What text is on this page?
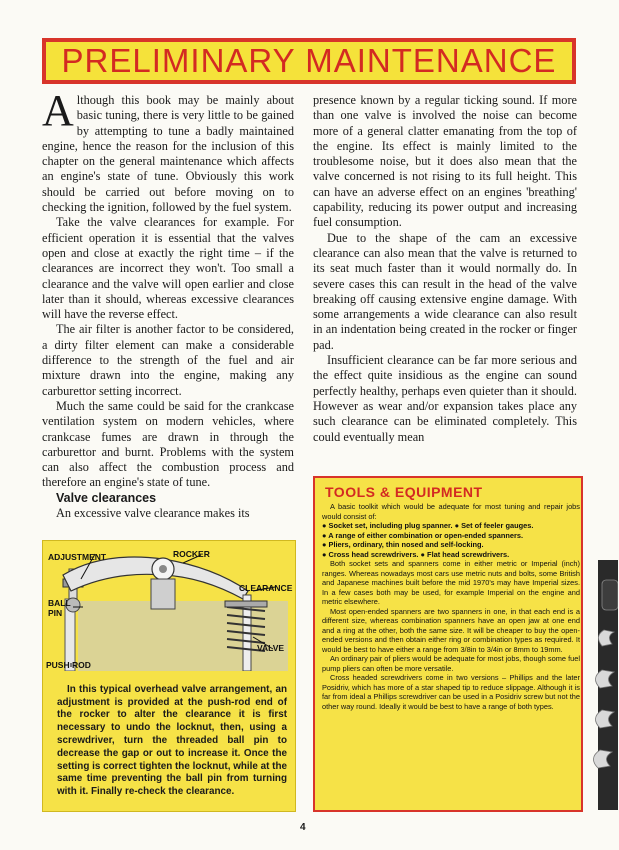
PRELIMINARY MAINTENANCE

Although this book may be mainly about basic tuning, there is very little to be gained by attempting to tune a badly maintained engine, hence the reason for the inclusion of this chapter on the general maintenance which affects an engine's state of tune. Obviously this work should be carried out before moving on to checking the ignition, followed by the fuel system.

Take the valve clearances for example. For efficient operation it is essential that the valves open and close at exactly the right time – if the clearances are incorrect they won't. Too small a clearance and the valve will open earlier and close later than it should, whereas excessive clearances will have the reverse effect.

The air filter is another factor to be considered, a dirty filter element can make a considerable difference to the strength of the fuel and air mixture drawn into the engine, making any carburettor setting incorrect.

Much the same could be said for the crankcase ventilation system on modern vehicles, where crankcase fumes are drawn in through the carburettor and burnt. Problems with the system can also affect the combustion process and therefore an engine's state of tune.

Valve clearances

An excessive valve clearance makes its

presence known by a regular ticking sound. If more than one valve is involved the noise can become more of a general clatter emanating from the top of the engine. Its effect is mainly limited to the troublesome noise, but it does also mean that the valve concerned is not rising to its full height. This can have an adverse effect on an engines 'breathing' capability, reducing its power output and increasing fuel consumption.

Due to the shape of the cam an excessive clearance can also mean that the valve is returned to its seat much faster than it would normally do. In severe cases this can result in the head of the valve breaking off causing extensive engine damage. With some arrangements a wide clearance can also result in an indentation being created in the rocker or finger pad.

Insufficient clearance can be far more serious and the effect quite insidious as the engine can sound perfectly healthy, perhaps even quieter than it should. However as wear and/or expansion takes place any such clearance can be eliminated completely. This could eventually mean

ADJUSTMENT	ROCKER
CLEARANCE
BALL
PIN
VALVE
PUSH ROD

In this typical overhead valve arrangement, an adjustment is provided at the push-rod end of the rocker to alter the clearance it is first necessary to undo the locknut, then, using a screwdriver, turn the threaded ball pin to decrease the gap or out to increase it. Once the setting is correct tighten the locknut, while at the same time preventing the ball pin from turning with it. Finally re-check the clearance.

TOOLS & EQUIPMENT

A basic toolkit which would be adequate for most tuning and repair jobs would consist of:

● Socket set, including plug spanner. ● Set of feeler gauges.

● A range of either combination or open-ended spanners.

● Pliers, ordinary, thin nosed and self-locking.

● Cross head screwdrivers. ● Flat head screwdrivers.

Both socket sets and spanners come in either metric or Imperial (inch) ranges. Whereas nowadays most cars use metric nuts and bolts, some British and Japanese machines built before the mid 1970's may have Imperial sizes. In a few cases both may be used, for example Imperial on the engine and metric elsewhere.

Most open-ended spanners are two spanners in one, in that each end is a different size, whereas combination spanners have an open jaw at one end and a ring at the other, both the same size. It will be cheaper to buy the open-ended versions and then obtain either ring or combination types as required. It would be best to have either a range from 3/8in to 3/4in or 8mm to 19mm.

An ordinary pair of pliers would be adequate for most jobs, though some fuel pump pliers can often be more versatile.

Cross headed screwdrivers come in two versions – Phillips and the later Posidriv, which has more of a star shaped tip to reduce slippage. Although it is far from ideal a Phillips screwdriver can be used in a Posidriv screw but not the other way round. Ideally it would be best to have a range of both types.

4
